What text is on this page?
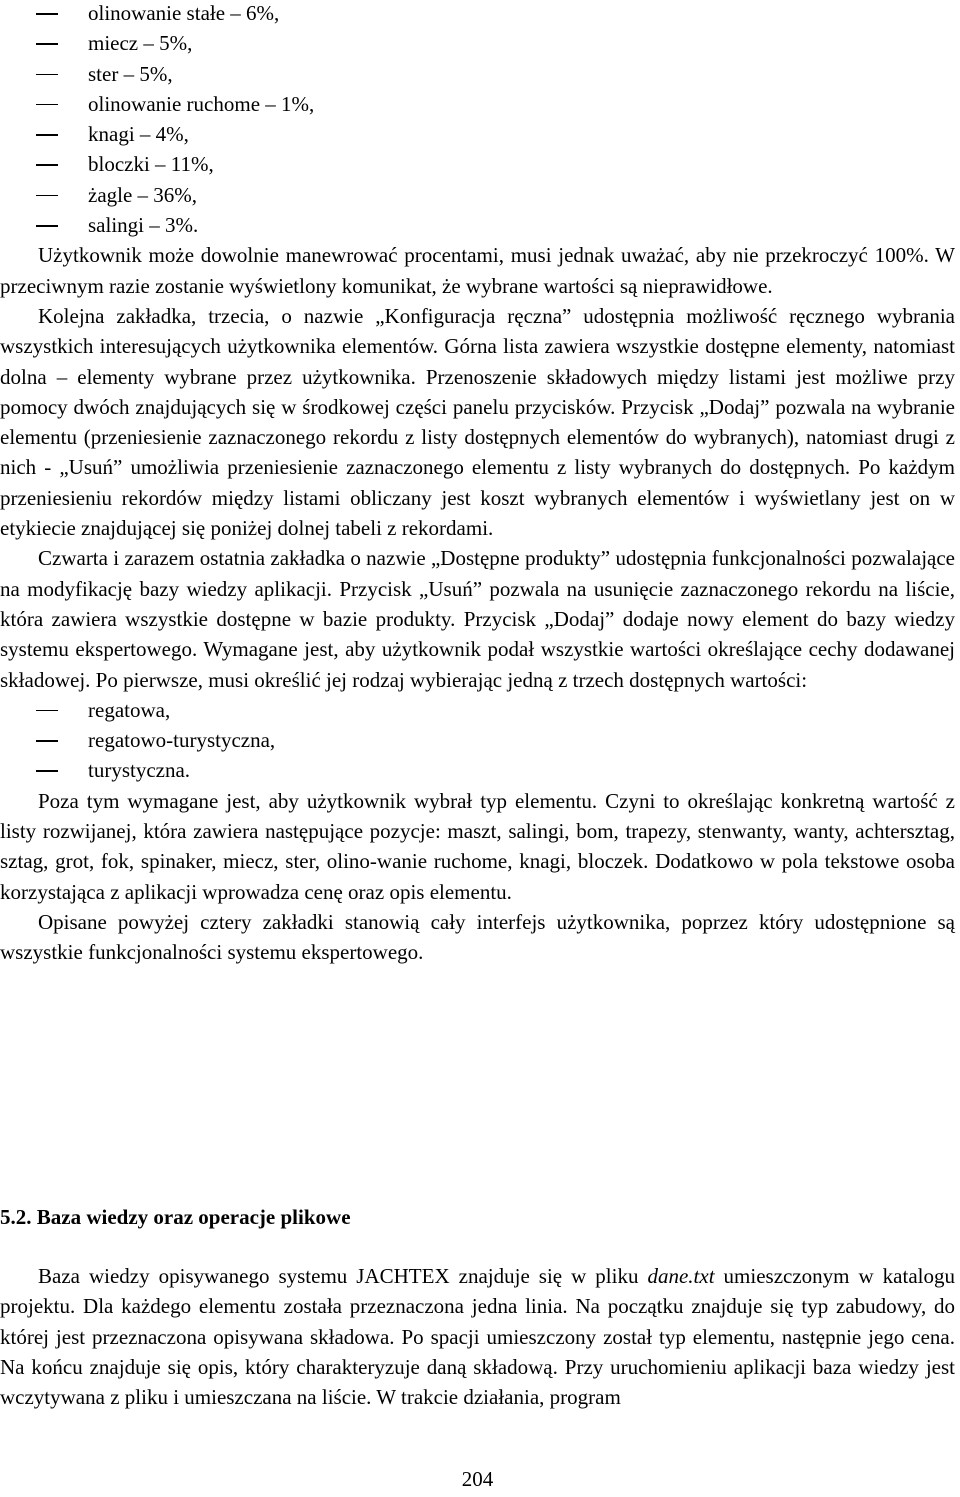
olinowanie stałe – 6%,
miecz – 5%,
ster – 5%,
olinowanie ruchome – 1%,
knagi – 4%,
bloczki – 11%,
żagle – 36%,
salingi – 3%.

Użytkownik może dowolnie manewrować procentami, musi jednak uważać, aby nie przekroczyć 100%. W przeciwnym razie zostanie wyświetlony komunikat, że wybrane wartości są nieprawidłowe.

Kolejna zakładka, trzecia, o nazwie „Konfiguracja ręczna” udostępnia możliwość ręcznego wybrania wszystkich interesujących użytkownika elementów. Górna lista zawiera wszystkie dostępne elementy, natomiast dolna – elementy wybrane przez użytkownika. Przenoszenie składowych między listami jest możliwe przy pomocy dwóch znajdujących się w środkowej części panelu przycisków. Przycisk „Dodaj” pozwala na wybranie elementu (przeniesienie zaznaczonego rekordu z listy dostępnych elementów do wybranych), natomiast drugi z nich - „Usuń” umożliwia przeniesienie zaznaczonego elementu z listy wybranych do dostępnych. Po każdym przeniesieniu rekordów między listami obliczany jest koszt wybranych elementów i wyświetlany jest on w etykiecie znajdującej się poniżej dolnej tabeli z rekordami.

Czwarta i zarazem ostatnia zakładka o nazwie „Dostępne produkty” udostępnia funkcjonalności pozwalające na modyfikację bazy wiedzy aplikacji. Przycisk „Usuń” pozwala na usunięcie zaznaczonego rekordu na liście, która zawiera wszystkie dostępne w bazie produkty. Przycisk „Dodaj” dodaje nowy element do bazy wiedzy systemu ekspertowego. Wymagane jest, aby użytkownik podał wszystkie wartości określające cechy dodawanej składowej. Po pierwsze, musi określić jej rodzaj wybierając jedną z trzech dostępnych wartości:

regatowa,
regatowo-turystyczna,
turystyczna.

Poza tym wymagane jest, aby użytkownik wybrał typ elementu. Czyni to określając konkretną wartość z listy rozwijanej, która zawiera następujące pozycje: maszt, salingi, bom, trapezy, stenwanty, wanty, achtersztag, sztag, grot, fok, spinaker, miecz, ster, olino-wanie ruchome, knagi, bloczek. Dodatkowo w pola tekstowe osoba korzystająca z aplikacji wprowadza cenę oraz opis elementu.

Opisane powyżej cztery zakładki stanowią cały interfejs użytkownika, poprzez który udostępnione są wszystkie funkcjonalności systemu ekspertowego.

5.2. Baza wiedzy oraz operacje plikowe

Baza wiedzy opisywanego systemu JACHTEX znajduje się w pliku dane.txt umieszczonym w katalogu projektu. Dla każdego elementu została przeznaczona jedna linia. Na początku znajduje się typ zabudowy, do której jest przeznaczona opisywana składowa. Po spacji umieszczony został typ elementu, następnie jego cena. Na końcu znajduje się opis, który charakteryzuje daną składową. Przy uruchomieniu aplikacji baza wiedzy jest wczytywana z pliku i umieszczana na liście. W trakcie działania, program

204
